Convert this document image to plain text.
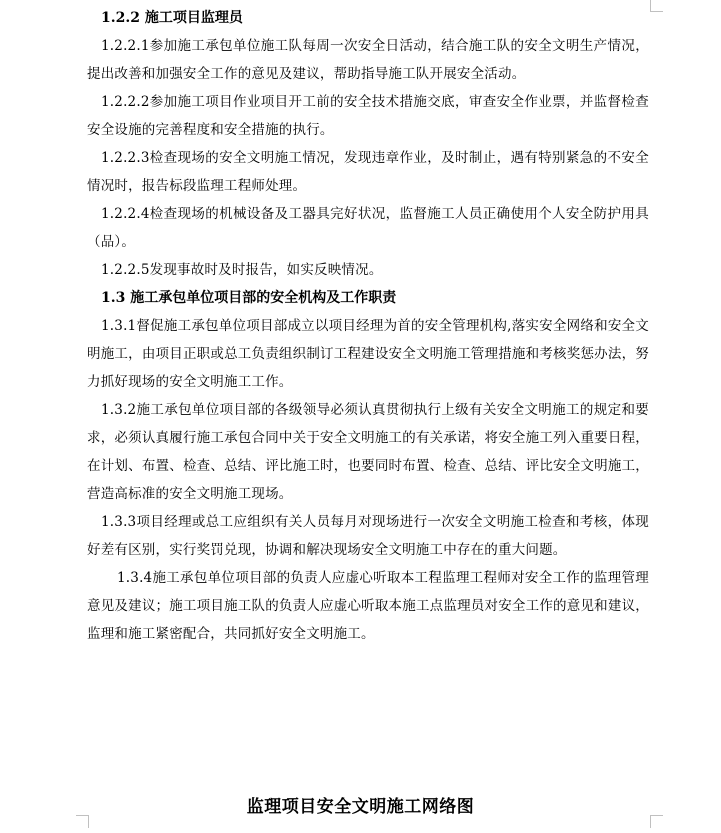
1.2.2 施工项目监理员

1.2.2.1参加施工承包单位施工队每周一次安全日活动，结合施工队的安全文明生产情况，提出改善和加强安全工作的意见及建议，帮助指导施工队开展安全活动。

1.2.2.2参加施工项目作业项目开工前的安全技术措施交底，审查安全作业票，并监督检查安全设施的完善程度和安全措施的执行。

1.2.2.3检查现场的安全文明施工情况，发现违章作业，及时制止，遇有特别紧急的不安全情况时，报告标段监理工程师处理。

1.2.2.4检查现场的机械设备及工器具完好状况，监督施工人员正确使用个人安全防护用具（品）。

1.2.2.5发现事故时及时报告，如实反映情况。

1.3 施工承包单位项目部的安全机构及工作职责

1.3.1督促施工承包单位项目部成立以项目经理为首的安全管理机构,落实安全网络和安全文明施工，由项目正职或总工负责组织制订工程建设安全文明施工管理措施和考核奖惩办法，努力抓好现场的安全文明施工工作。

1.3.2施工承包单位项目部的各级领导必须认真贯彻执行上级有关安全文明施工的规定和要求，必须认真履行施工承包合同中关于安全文明施工的有关承诺，将安全施工列入重要日程，在计划、布置、检查、总结、评比施工时，也要同时布置、检查、总结、评比安全文明施工，营造高标准的安全文明施工现场。

1.3.3项目经理或总工应组织有关人员每月对现场进行一次安全文明施工检查和考核，体现好差有区别，实行奖罚兑现，协调和解决现场安全文明施工中存在的重大问题。

1.3.4施工承包单位项目部的负责人应虚心听取本工程监理工程师对安全工作的监理管理意见及建议；施工项目施工队的负责人应虚心听取本施工点监理员对安全工作的意见和建议，监理和施工紧密配合，共同抓好安全文明施工。

监理项目安全文明施工网络图
